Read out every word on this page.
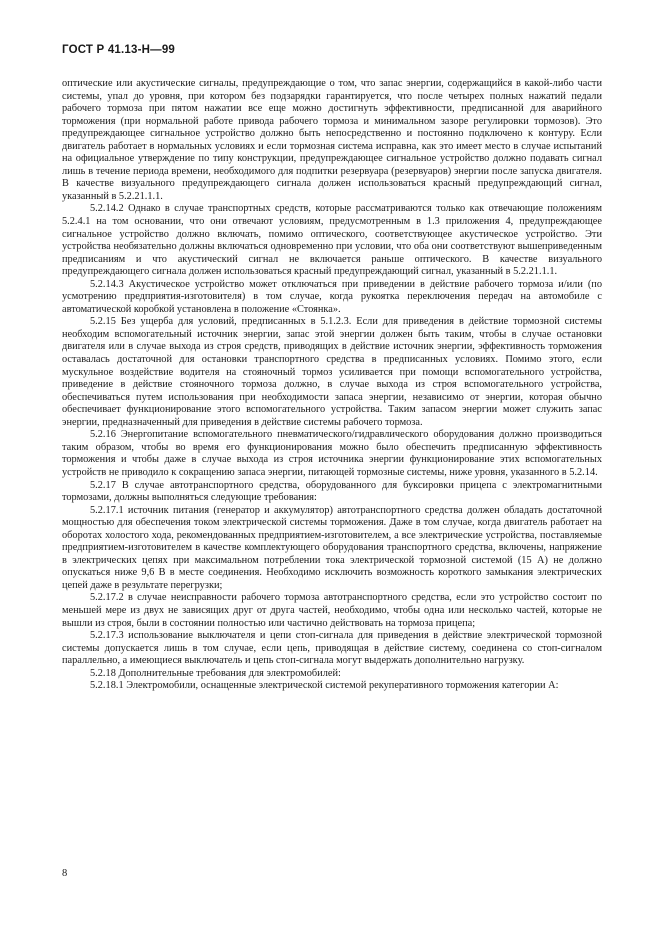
ГОСТ Р 41.13-Н—99

оптические или акустические сигналы, предупреждающие о том, что запас энергии, содержащийся в какой-либо части системы, упал до уровня, при котором без подзарядки гарантируется, что после четырех полных нажатий педали рабочего тормоза при пятом нажатии все еще можно достигнуть эффективности, предписанной для аварийного торможения (при нормальной работе привода рабочего тормоза и минимальном зазоре регулировки тормозов). Это предупреждающее сигнальное устройство должно быть непосредственно и постоянно подключено к контуру. Если двигатель работает в нормальных условиях и если тормозная система исправна, как это имеет место в случае испытаний на официальное утверждение по типу конструкции, предупреждающее сигнальное устройство должно подавать сигнал лишь в течение периода времени, необходимого для подпитки резервуара (резервуаров) энергии после запуска двигателя. В качестве визуального предупреждающего сигнала должен использоваться красный предупреждающий сигнал, указанный в 5.2.21.1.1.

5.2.14.2 Однако в случае транспортных средств, которые рассматриваются только как отвечающие положениям 5.2.4.1 на том основании, что они отвечают условиям, предусмотренным в 1.3 приложения 4, предупреждающее сигнальное устройство должно включать, помимо оптического, соответствующее акустическое устройство. Эти устройства необязательно должны включаться одновременно при условии, что оба они соответствуют вышеприведенным предписаниям и что акустический сигнал не включается раньше оптического. В качестве визуального предупреждающего сигнала должен использоваться красный предупреждающий сигнал, указанный в 5.2.21.1.1.

5.2.14.3 Акустическое устройство может отключаться при приведении в действие рабочего тормоза и/или (по усмотрению предприятия-изготовителя) в том случае, когда рукоятка переключения передач на автомобиле с автоматической коробкой установлена в положение «Стоянка».

5.2.15 Без ущерба для условий, предписанных в 5.1.2.3. Если для приведения в действие тормозной системы необходим вспомогательный источник энергии, запас этой энергии должен быть таким, чтобы в случае остановки двигателя или в случае выхода из строя средств, приводящих в действие источник энергии, эффективность торможения оставалась достаточной для остановки транспортного средства в предписанных условиях. Помимо этого, если мускульное воздействие водителя на стояночный тормоз усиливается при помощи вспомогательного устройства, приведение в действие стояночного тормоза должно, в случае выхода из строя вспомогательного устройства, обеспечиваться путем использования при необходимости запаса энергии, независимо от энергии, которая обычно обеспечивает функционирование этого вспомогательного устройства. Таким запасом энергии может служить запас энергии, предназначенный для приведения в действие системы рабочего тормоза.

5.2.16 Энергопитание вспомогательного пневматического/гидравлического оборудования должно производиться таким образом, чтобы во время его функционирования можно было обеспечить предписанную эффективность торможения и чтобы даже в случае выхода из строя источника энергии функционирование этих вспомогательных устройств не приводило к сокращению запаса энергии, питающей тормозные системы, ниже уровня, указанного в 5.2.14.

5.2.17 В случае автотранспортного средства, оборудованного для буксировки прицепа с электромагнитными тормозами, должны выполняться следующие требования:

5.2.17.1 источник питания (генератор и аккумулятор) автотранспортного средства должен обладать достаточной мощностью для обеспечения током электрической системы торможения. Даже в том случае, когда двигатель работает на оборотах холостого хода, рекомендованных предприятием-изготовителем, а все электрические устройства, поставляемые предприятием-изготовителем в качестве комплектующего оборудования транспортного средства, включены, напряжение в электрических цепях при максимальном потреблении тока электрической тормозной системой (15 А) не должно опускаться ниже 9,6 В в месте соединения. Необходимо исключить возможность короткого замыкания электрических цепей даже в результате перегрузки;

5.2.17.2 в случае неисправности рабочего тормоза автотранспортного средства, если это устройство состоит по меньшей мере из двух не зависящих друг от друга частей, необходимо, чтобы одна или несколько частей, которые не вышли из строя, были в состоянии полностью или частично действовать на тормоза прицепа;

5.2.17.3 использование выключателя и цепи стоп-сигнала для приведения в действие электрической тормозной системы допускается лишь в том случае, если цепь, приводящая в действие систему, соединена со стоп-сигналом параллельно, а имеющиеся выключатель и цепь стоп-сигнала могут выдержать дополнительно нагрузку.

5.2.18 Дополнительные требования для электромобилей:

5.2.18.1 Электромобили, оснащенные электрической системой рекуперативного торможения категории А:

8
